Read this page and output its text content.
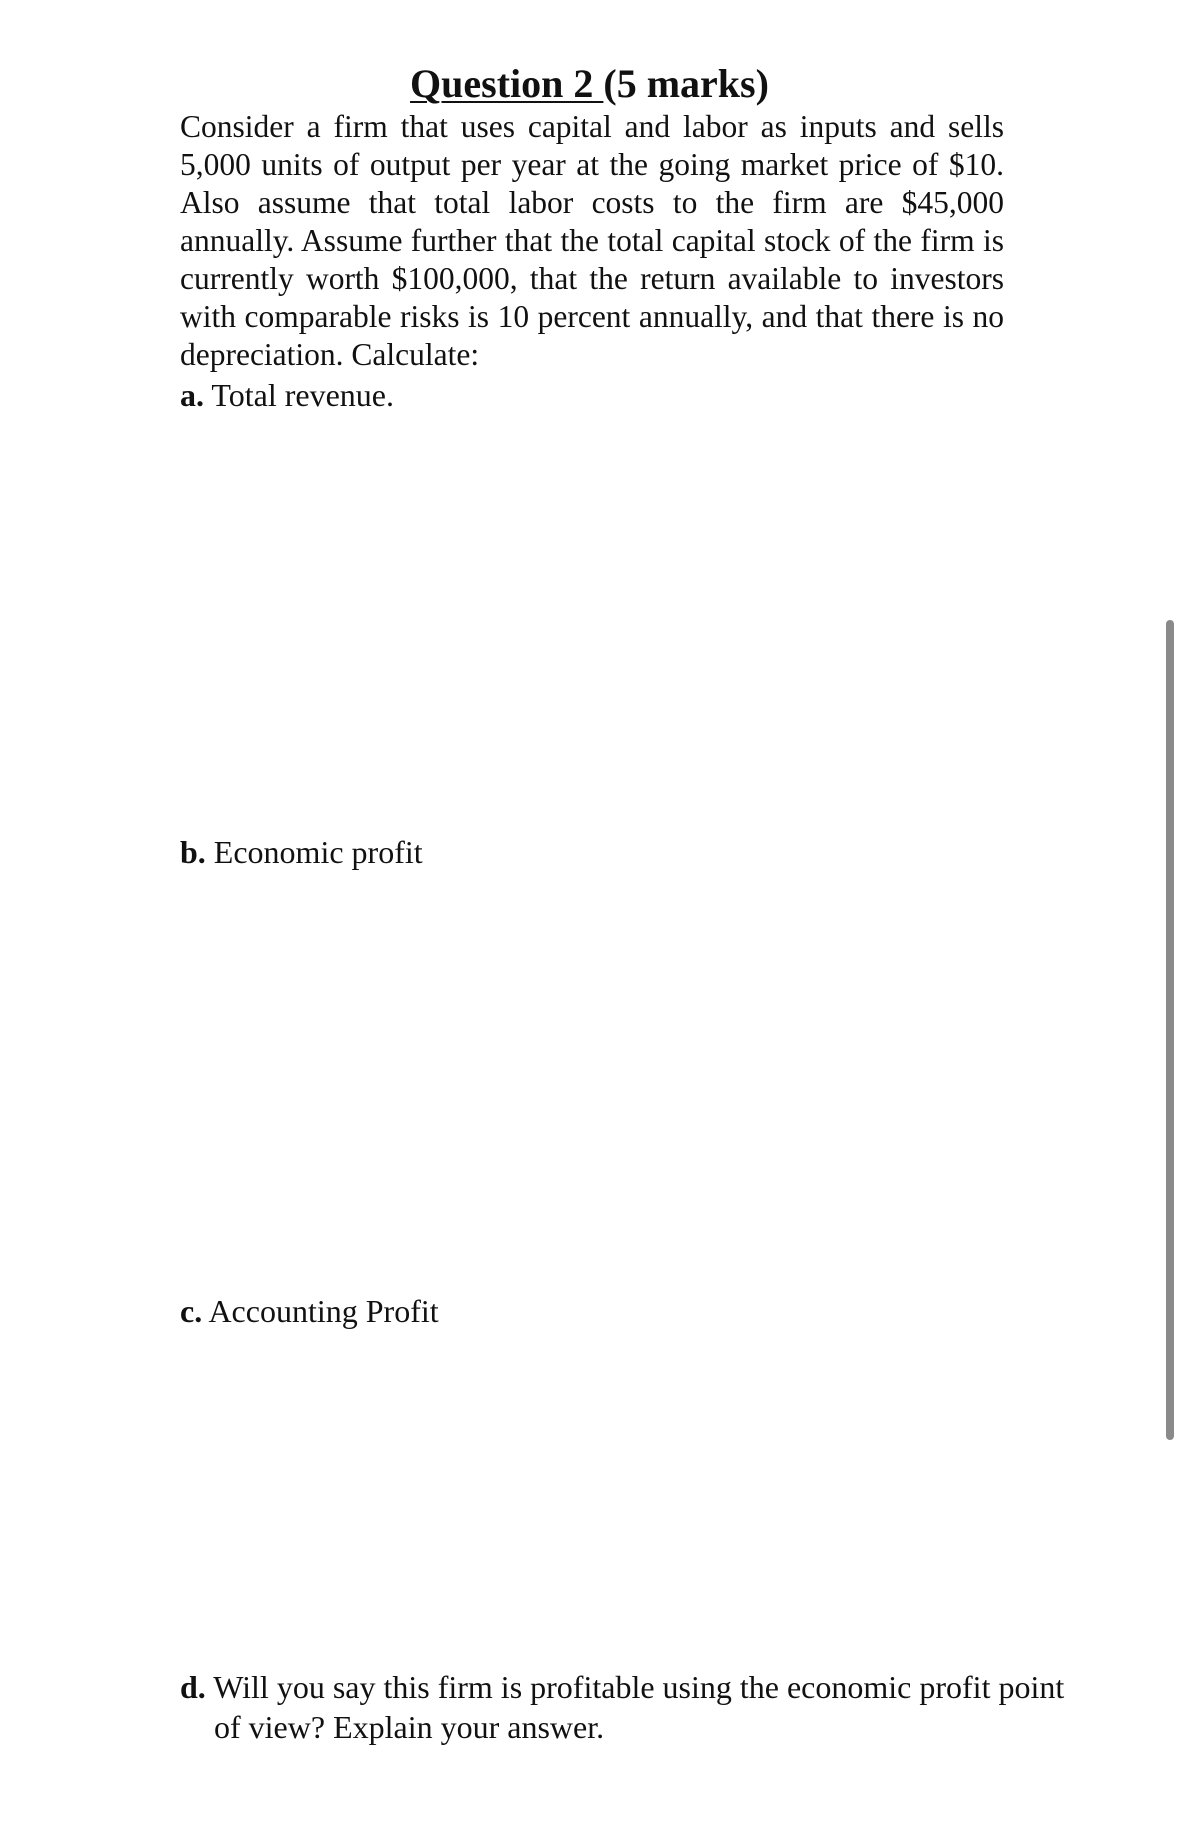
Question 2 (5 marks)

Consider a firm that uses capital and labor as inputs and sells 5,000 units of output per year at the going market price of $10. Also assume that total labor costs to the firm are $45,000 annually. Assume further that the total capital stock of the firm is currently worth $100,000, that the return available to investors with comparable risks is 10 percent annually, and that there is no depreciation. Calculate:

a. Total revenue.

b. Economic profit

c. Accounting Profit

d. Will you say this firm is profitable using the economic profit point of view? Explain your answer.
